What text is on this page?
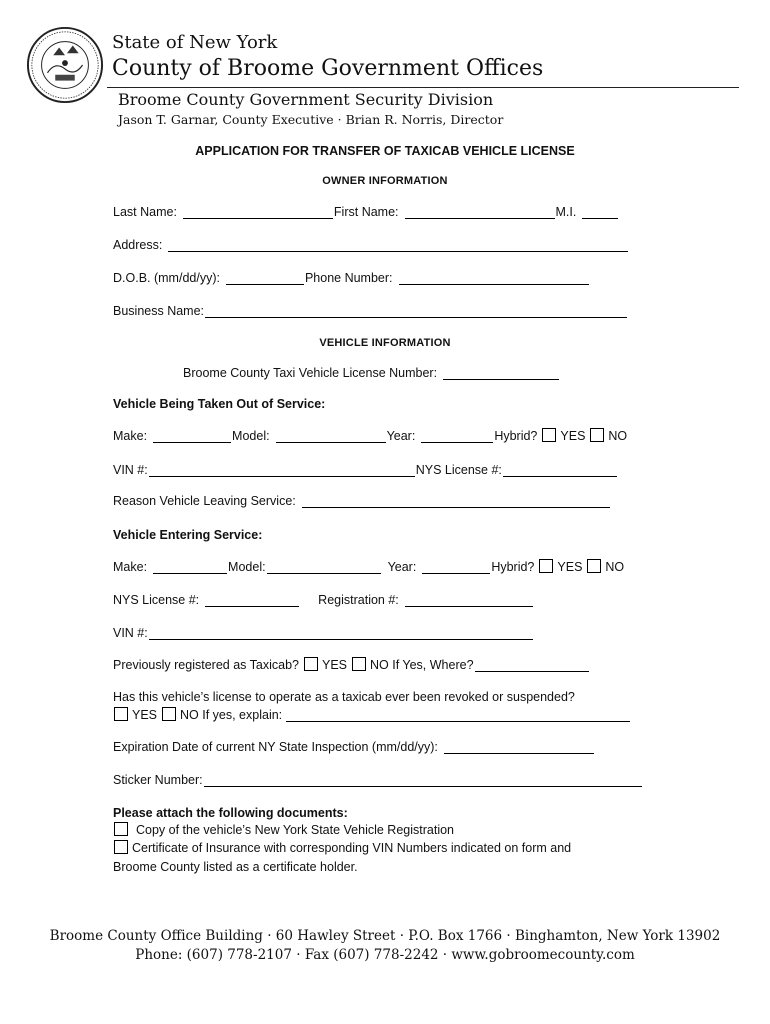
State of New York
County of Broome Government Offices
Broome County Government Security Division
Jason T. Garnar, County Executive · Brian R. Norris, Director
APPLICATION FOR TRANSFER OF TAXICAB VEHICLE LICENSE
OWNER INFORMATION
Last Name:	First Name:	M.I.
Address:
D.O.B. (mm/dd/yy):	Phone Number:
Business Name:
VEHICLE INFORMATION
Broome County Taxi Vehicle License Number:
Vehicle Being Taken Out of Service:
Make:	Model:	Year:	Hybrid? YES NO
VIN #:	NYS License #:
Reason Vehicle Leaving Service:
Vehicle Entering Service:
Make:	Model:	Year:	Hybrid? YES NO
NYS License #:	Registration #:
VIN #:
Previously registered as Taxicab? YES NO If Yes, Where?
Has this vehicle’s license to operate as a taxicab ever been revoked or suspended?
YES NO If yes, explain:
Expiration Date of current NY State Inspection (mm/dd/yy):
Sticker Number:
Please attach the following documents:
Copy of the vehicle’s New York State Vehicle Registration
Certificate of Insurance with corresponding VIN Numbers indicated on form and
Broome County listed as a certificate holder.
Broome County Office Building · 60 Hawley Street · P.O. Box 1766 · Binghamton, New York 13902
Phone: (607) 778-2107 · Fax (607) 778-2242 · www.gobroomecounty.com
